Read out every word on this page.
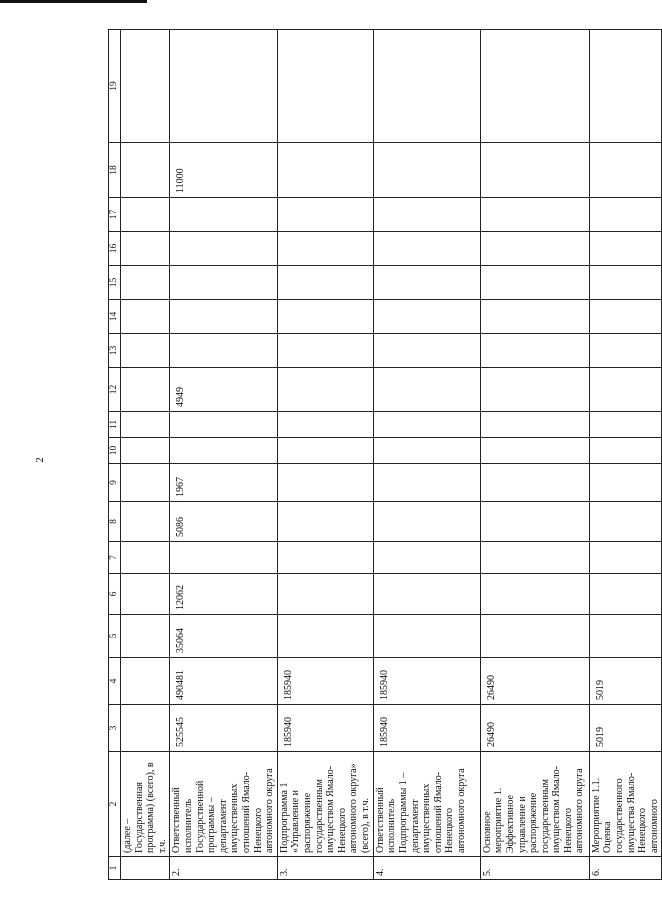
2
1	2	3	4	5	6	7	8	9	10	11	12	13	14	15	16	17	18	19
	(далее – Государственная программа) (всего), в т.ч.																	
2.	Ответственный исполнитель Государственной программы – департамент имущественных отношений Ямало-Ненецкого автономного округа	525545	490481	35064	12062		5086	1967			4949						11000	
3.	Подпрограмма 1 «Управление и распоряжение государственным имуществом Ямало-Ненецкого автономного округа» (всего), в т.ч.	185940	185940															
4.	Ответственный исполнитель Подпрограммы 1 – департамент имущественных отношений Ямало-Ненецкого автономного округа	185940	185940															
5.	Основное мероприятие 1. Эффективное управление и распоряжение государственным имуществом Ямало-Ненецкого автономного округа	26490	26490															
6.	Мероприятие 1.1. Оценка государственного имущества Ямало-Ненецкого автономного	5019	5019															
